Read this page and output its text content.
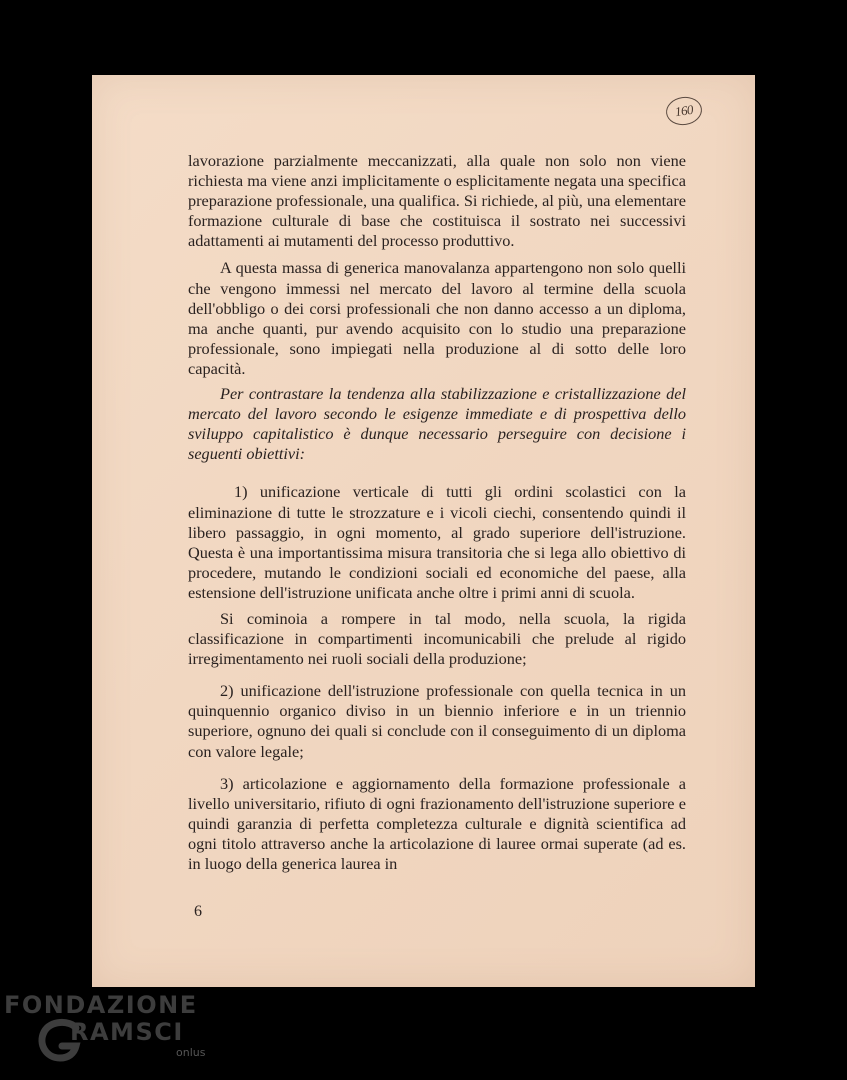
160

lavorazione parzialmente meccanizzati, alla quale non solo non viene richiesta ma viene anzi implicitamente o esplicitamente negata una specifica preparazione professionale, una qualifica. Si richiede, al più, una elementare formazione culturale di base che costituisca il sostrato nei successivi adattamenti ai mutamenti del processo produttivo.

A questa massa di generica manovalanza appartengono non solo quelli che vengono immessi nel mercato del lavoro al termine della scuola dell'obbligo o dei corsi professionali che non danno accesso a un diploma, ma anche quanti, pur avendo acquisito con lo studio una preparazione professionale, sono impiegati nella produzione al di sotto delle loro capacità.

Per contrastare la tendenza alla stabilizzazione e cristallizzazione del mercato del lavoro secondo le esigenze immediate e di prospettiva dello sviluppo capitalistico è dunque necessario perseguire con decisione i seguenti obiettivi:

1) unificazione verticale di tutti gli ordini scolastici con la eliminazione di tutte le strozzature e i vicoli ciechi, consentendo quindi il libero passaggio, in ogni momento, al grado superiore dell'istruzione. Questa è una importantissima misura transitoria che si lega allo obiettivo di procedere, mutando le condizioni sociali ed economiche del paese, alla estensione dell'istruzione unificata anche oltre i primi anni di scuola.

Si cominoia a rompere in tal modo, nella scuola, la rigida classificazione in compartimenti incomunicabili che prelude al rigido irregimentamento nei ruoli sociali della produzione;

2) unificazione dell'istruzione professionale con quella tecnica in un quinquennio organico diviso in un biennio inferiore e in un triennio superiore, ognuno dei quali si conclude con il conseguimento di un diploma con valore legale;

3) articolazione e aggiornamento della formazione professionale a livello universitario, rifiuto di ogni frazionamento dell'istruzione superiore e quindi garanzia di perfetta completezza culturale e dignità scientifica ad ogni titolo attraverso anche la articolazione di lauree ormai superate (ad es. in luogo della generica laurea in

6
FONDAZIONE
RAMSCI
onlus
